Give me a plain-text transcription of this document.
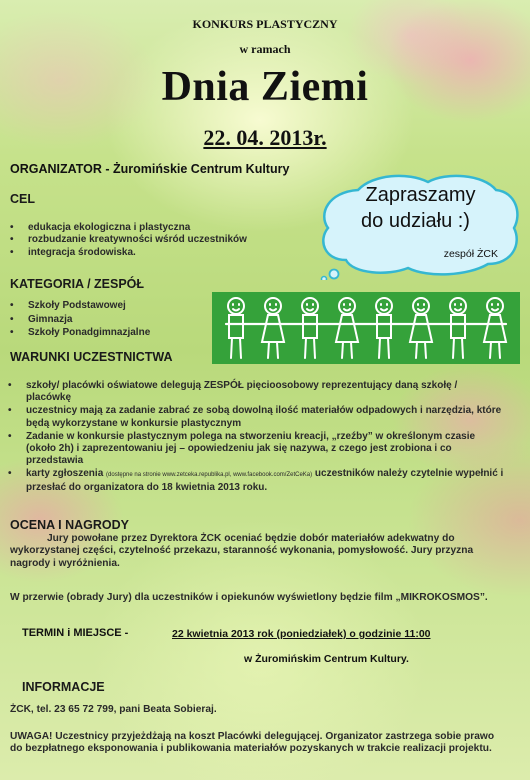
KONKURS PLASTYCZNY
w ramach
Dnia Ziemi
22. 04. 2013r.
ORGANIZATOR - Żuromińskie Centrum Kultury
Zapraszamy
do udziału :)
zespół ŻCK
CEL
• edukacja ekologiczna i plastyczna
• rozbudzanie kreatywności wśród uczestników
• integracja środowiska.
KATEGORIA / ZESPÓŁ
• Szkoły Podstawowej
• Gimnazja
• Szkoły Ponadgimnazjalne
WARUNKI UCZESTNICTWA
• szkoły/ placówki oświatowe delegują ZESPÓŁ pięcioosobowy reprezentujący daną szkołę / placówkę
• uczestnicy mają za zadanie zabrać ze sobą dowolną ilość materiałów odpadowych i narzędzia, które będą wykorzystane w konkursie plastycznym
• Zadanie w konkursie plastycznym polega na stworzeniu kreacji, „rzeźby” w określonym czasie (około 2h) i zaprezentowaniu jej – opowiedzeniu jak się nazywa, z czego jest zrobiona i co przedstawia
• karty zgłoszenia (dostępne na stronie www.zetceka.republika.pl, www.facebook.com/ZetCeKa) uczestników należy czytelnie wypełnić i przesłać do organizatora do 18 kwietnia 2013 roku.
OCENA I NAGRODY
Jury powołane przez Dyrektora ŻCK oceniać będzie dobór materiałów adekwatny do wykorzystanej części, czytelność przekazu, staranność wykonania, pomysłowość. Jury przyzna nagrody i wyróżnienia.
W przerwie (obrady Jury) dla uczestników i opiekunów wyświetlony będzie film „MIKROKOSMOS”.
TERMIN i MIEJSCE -	22 kwietnia 2013 rok (poniedziałek) o godzinie 11:00
w Żuromińskim Centrum Kultury.
INFORMACJE
ŻCK, tel. 23 65 72 799, pani Beata Sobieraj.
UWAGA! Uczestnicy przyjeżdżają na koszt Placówki delegującej. Organizator zastrzega sobie prawo do bezpłatnego eksponowania i publikowania materiałów pozyskanych w trakcie realizacji projektu.
